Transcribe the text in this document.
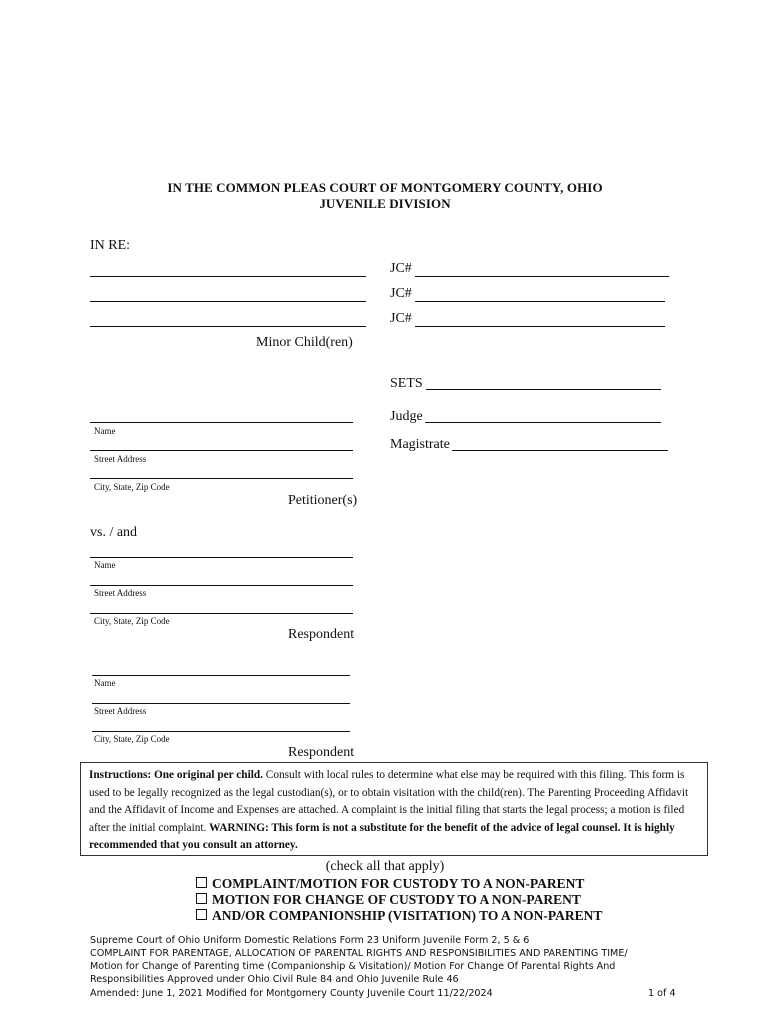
IN THE COMMON PLEAS COURT OF MONTGOMERY COUNTY, OHIO
JUVENILE DIVISION
IN RE:
JC#
JC#
JC#
Minor Child(ren)
SETS
Judge
Magistrate
Name
Street Address
City, State, Zip Code
Petitioner(s)
vs. / and
Name
Street Address
City, State, Zip Code
Respondent
Name
Street Address
City, State, Zip Code
Respondent
Instructions: One original per child. Consult with local rules to determine what else may be required with this filing. This form is used to be legally recognized as the legal custodian(s), or to obtain visitation with the child(ren). The Parenting Proceeding Affidavit and the Affidavit of Income and Expenses are attached. A complaint is the initial filing that starts the legal process; a motion is filed after the initial complaint. WARNING: This form is not a substitute for the benefit of the advice of legal counsel. It is highly recommended that you consult an attorney.
(check all that apply)
COMPLAINT/MOTION FOR CUSTODY TO A NON-PARENT
MOTION FOR CHANGE OF CUSTODY TO A NON-PARENT
AND/OR COMPANIONSHIP (VISITATION) TO A NON-PARENT
Supreme Court of Ohio Uniform Domestic Relations Form 23 Uniform Juvenile Form 2, 5 & 6
COMPLAINT FOR PARENTAGE, ALLOCATION OF PARENTAL RIGHTS AND RESPONSIBILITIES AND PARENTING TIME/
Motion for Change of Parenting time (Companionship & Visitation)/ Motion For Change Of Parental Rights And
Responsibilities Approved under Ohio Civil Rule 84 and Ohio Juvenile Rule 46
Amended: June 1, 2021 Modified for Montgomery County Juvenile Court 11/22/2024	1 of 4
